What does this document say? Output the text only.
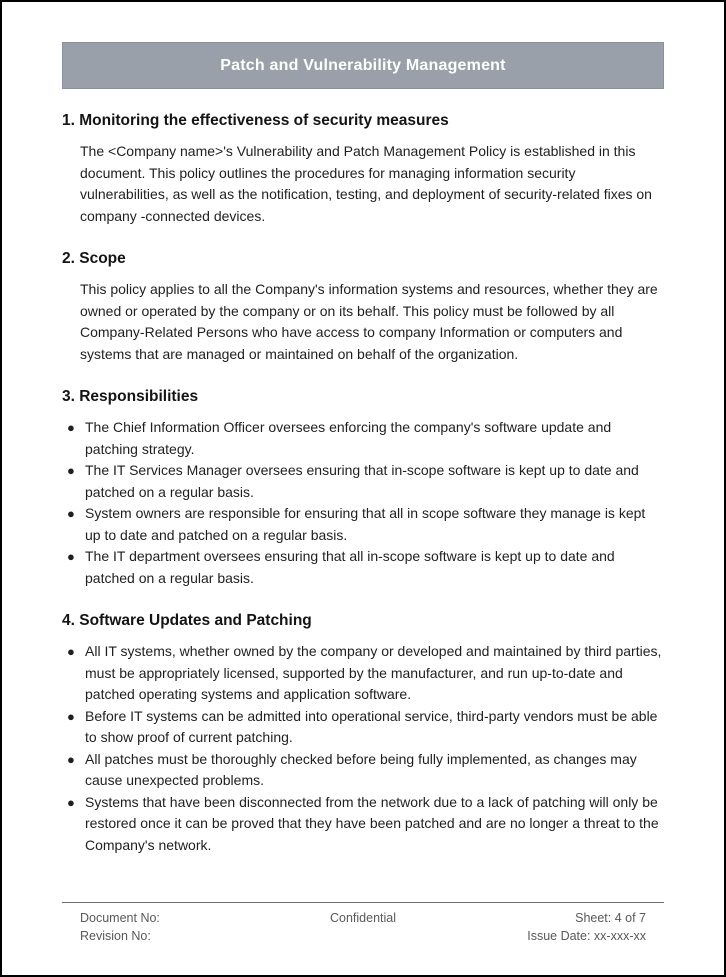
Patch and Vulnerability Management
1. Monitoring the effectiveness of security measures

The <Company name>'s Vulnerability and Patch Management Policy is established in this document. This policy outlines the procedures for managing information security vulnerabilities, as well as the notification, testing, and deployment of security-related fixes on company -connected devices.

2. Scope

This policy applies to all the Company's information systems and resources, whether they are owned or operated by the company or on its behalf. This policy must be followed by all Company-Related Persons who have access to company Information or computers and systems that are managed or maintained on behalf of the organization.

3. Responsibilities
● The Chief Information Officer oversees enforcing the company's software update and patching strategy.
● The IT Services Manager oversees ensuring that in-scope software is kept up to date and patched on a regular basis.
● System owners are responsible for ensuring that all in scope software they manage is kept up to date and patched on a regular basis.
● The IT department oversees ensuring that all in-scope software is kept up to date and patched on a regular basis.
4. Software Updates and Patching
● All IT systems, whether owned by the company or developed and maintained by third parties, must be appropriately licensed, supported by the manufacturer, and run up-to-date and patched operating systems and application software.
● Before IT systems can be admitted into operational service, third-party vendors must be able to show proof of current patching.
● All patches must be thoroughly checked before being fully implemented, as changes may cause unexpected problems.
● Systems that have been disconnected from the network due to a lack of patching will only be restored once it can be proved that they have been patched and are no longer a threat to the Company's network.
Document No:
Revision No:
Confidential	Sheet: 4 of 7
Issue Date: xx-xxx-xx
